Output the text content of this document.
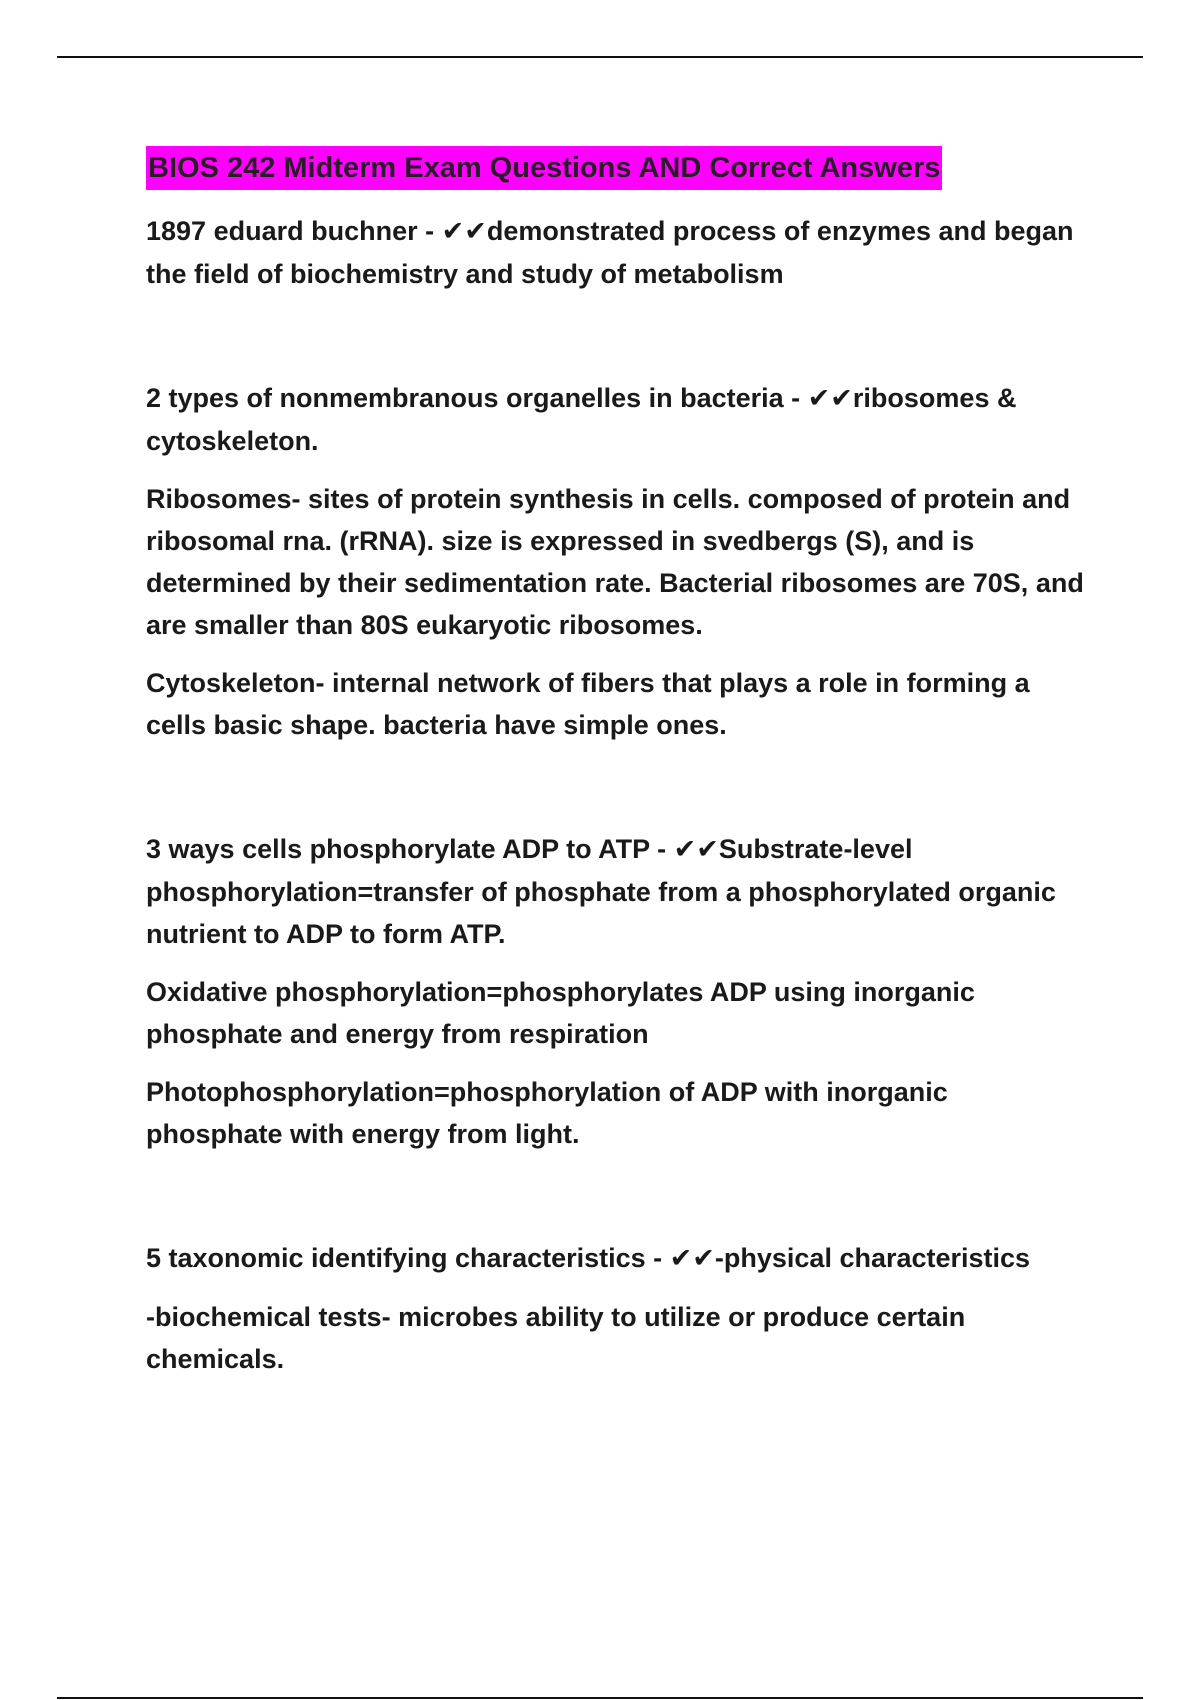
BIOS 242 Midterm Exam Questions AND Correct Answers

1897 eduard buchner - ✔✔demonstrated process of enzymes and began the field of biochemistry and study of metabolism

2 types of nonmembranous organelles in bacteria - ✔✔ribosomes & cytoskeleton.

Ribosomes- sites of protein synthesis in cells. composed of protein and ribosomal rna. (rRNA). size is expressed in svedbergs (S), and is determined by their sedimentation rate. Bacterial ribosomes are 70S, and are smaller than 80S eukaryotic ribosomes.

Cytoskeleton- internal network of fibers that plays a role in forming a cells basic shape. bacteria have simple ones.

3 ways cells phosphorylate ADP to ATP - ✔✔Substrate-level phosphorylation=transfer of phosphate from a phosphorylated organic nutrient to ADP to form ATP.

Oxidative phosphorylation=phosphorylates ADP using inorganic phosphate and energy from respiration

Photophosphorylation=phosphorylation of ADP with inorganic phosphate with energy from light.

5 taxonomic identifying characteristics - ✔✔-physical characteristics

-biochemical tests- microbes ability to utilize or produce certain chemicals.
